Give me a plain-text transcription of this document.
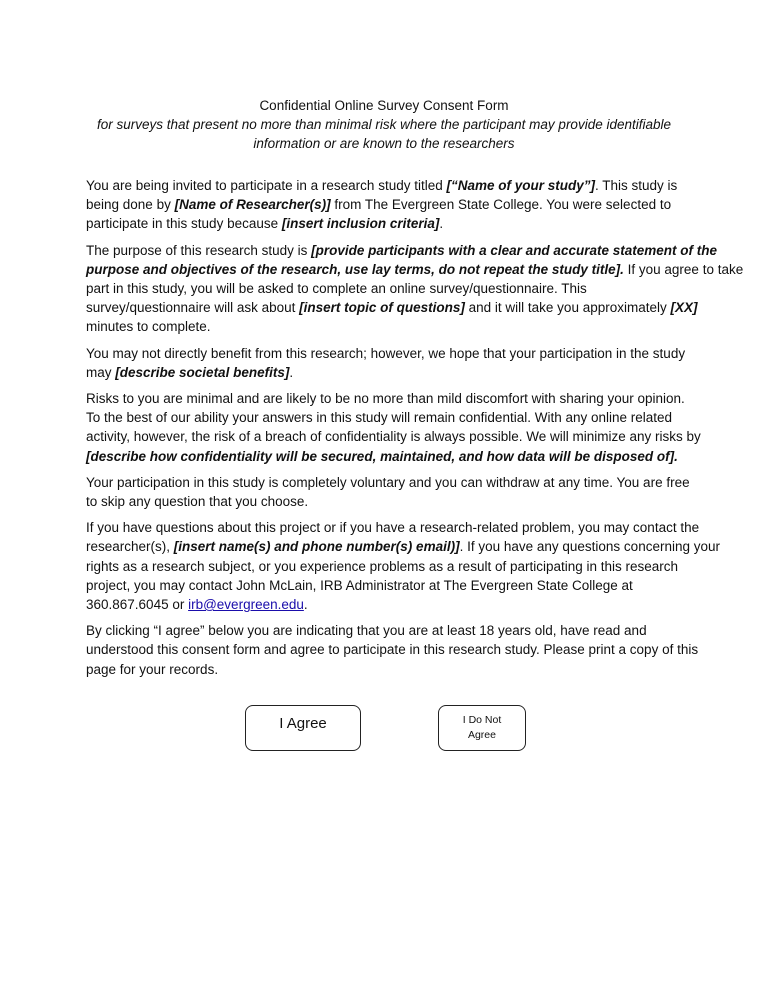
Confidential Online Survey Consent Form
for surveys that present no more than minimal risk where the participant may provide identifiable
information or are known to the researchers
You are being invited to participate in a research study titled [“Name of your study”]. This study is
being done by [Name of Researcher(s)] from The Evergreen State College. You were selected to
participate in this study because [insert inclusion criteria].
The purpose of this research study is [provide participants with a clear and accurate statement of the
purpose and objectives of the research, use lay terms, do not repeat the study title]. If you agree to take
part in this study, you will be asked to complete an online survey/questionnaire. This
survey/questionnaire will ask about [insert topic of questions] and it will take you approximately [XX]
minutes to complete.
You may not directly benefit from this research; however, we hope that your participation in the study
may [describe societal benefits].
Risks to you are minimal and are likely to be no more than mild discomfort with sharing your opinion.
To the best of our ability your answers in this study will remain confidential. With any online related
activity, however, the risk of a breach of confidentiality is always possible. We will minimize any risks by
[describe how confidentiality will be secured, maintained, and how data will be disposed of].
Your participation in this study is completely voluntary and you can withdraw at any time. You are free
to skip any question that you choose.
If you have questions about this project or if you have a research-related problem, you may contact the
researcher(s), [insert name(s) and phone number(s) email)]. If you have any questions concerning your
rights as a research subject, or you experience problems as a result of participating in this research
project, you may contact John McLain, IRB Administrator at The Evergreen State College at
360.867.6045 or irb@evergreen.edu.
By clicking “I agree” below you are indicating that you are at least 18 years old, have read and
understood this consent form and agree to participate in this research study. Please print a copy of this
page for your records.
I Agree	I Do Not
Agree
